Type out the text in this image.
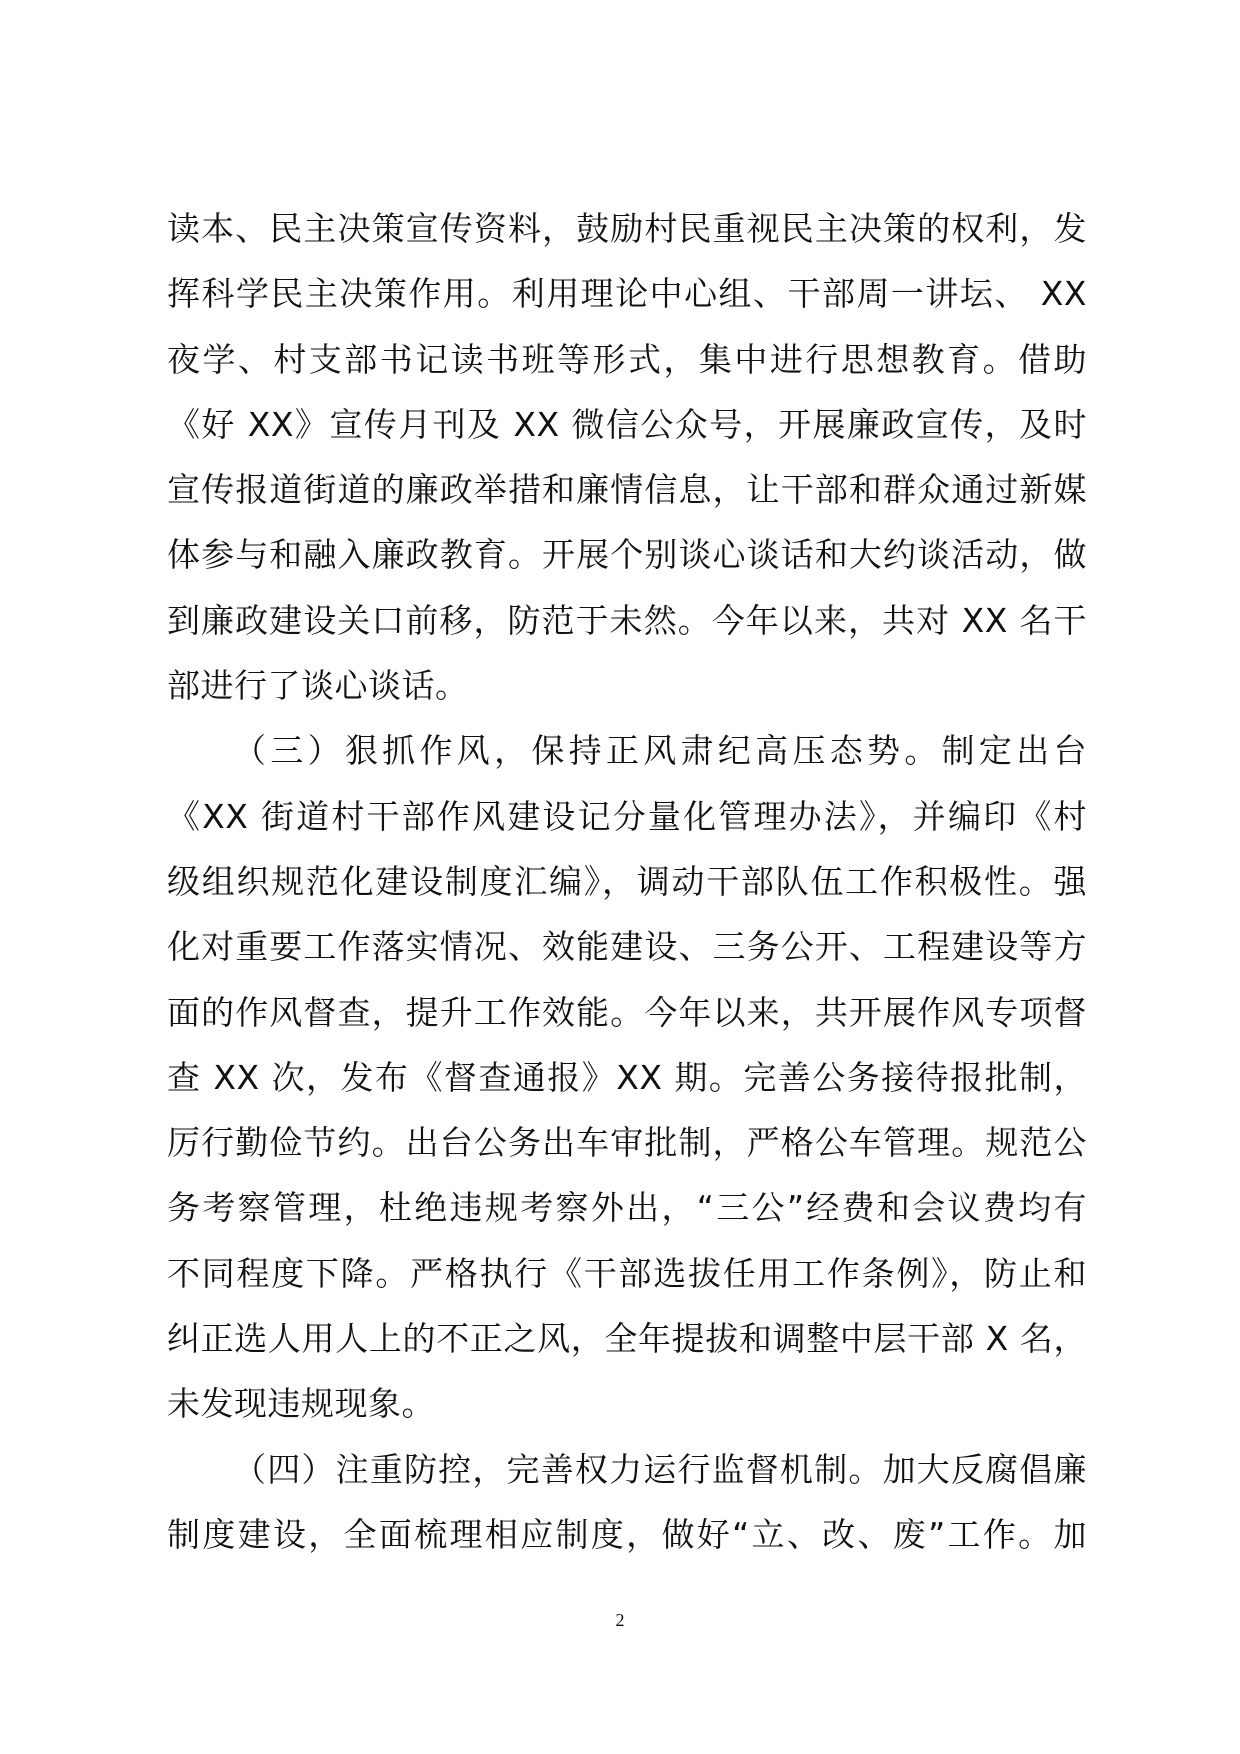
读本、民主决策宣传资料，鼓励村民重视民主决策的权利，发
挥科学民主决策作用。利用理论中心组、干部周一讲坛、 XX
夜学、村支部书记读书班等形式，集中进行思想教育。借助
《好 XX》宣传月刊及 XX 微信公众号，开展廉政宣传，及时
宣传报道街道的廉政举措和廉情信息，让干部和群众通过新媒
体参与和融入廉政教育。开展个别谈心谈话和大约谈活动，做
到廉政建设关口前移，防范于未然。今年以来，共对 XX 名干
部进行了谈心谈话。
（三）狠抓作风，保持正风肃纪高压态势。制定出台
《XX 街道村干部作风建设记分量化管理办法》，并编印《村
级组织规范化建设制度汇编》，调动干部队伍工作积极性。强
化对重要工作落实情况、效能建设、三务公开、工程建设等方
面的作风督查，提升工作效能。今年以来，共开展作风专项督
查 XX 次，发布《督查通报》XX 期。完善公务接待报批制，
厉行勤俭节约。出台公务出车审批制，严格公车管理。规范公
务考察管理，杜绝违规考察外出，“三公”经费和会议费均有
不同程度下降。严格执行《干部选拔任用工作条例》，防止和
纠正选人用人上的不正之风，全年提拔和调整中层干部 X 名，
未发现违规现象。
（四）注重防控，完善权力运行监督机制。加大反腐倡廉
制度建设，全面梳理相应制度，做好“立、改、废”工作。加
2
